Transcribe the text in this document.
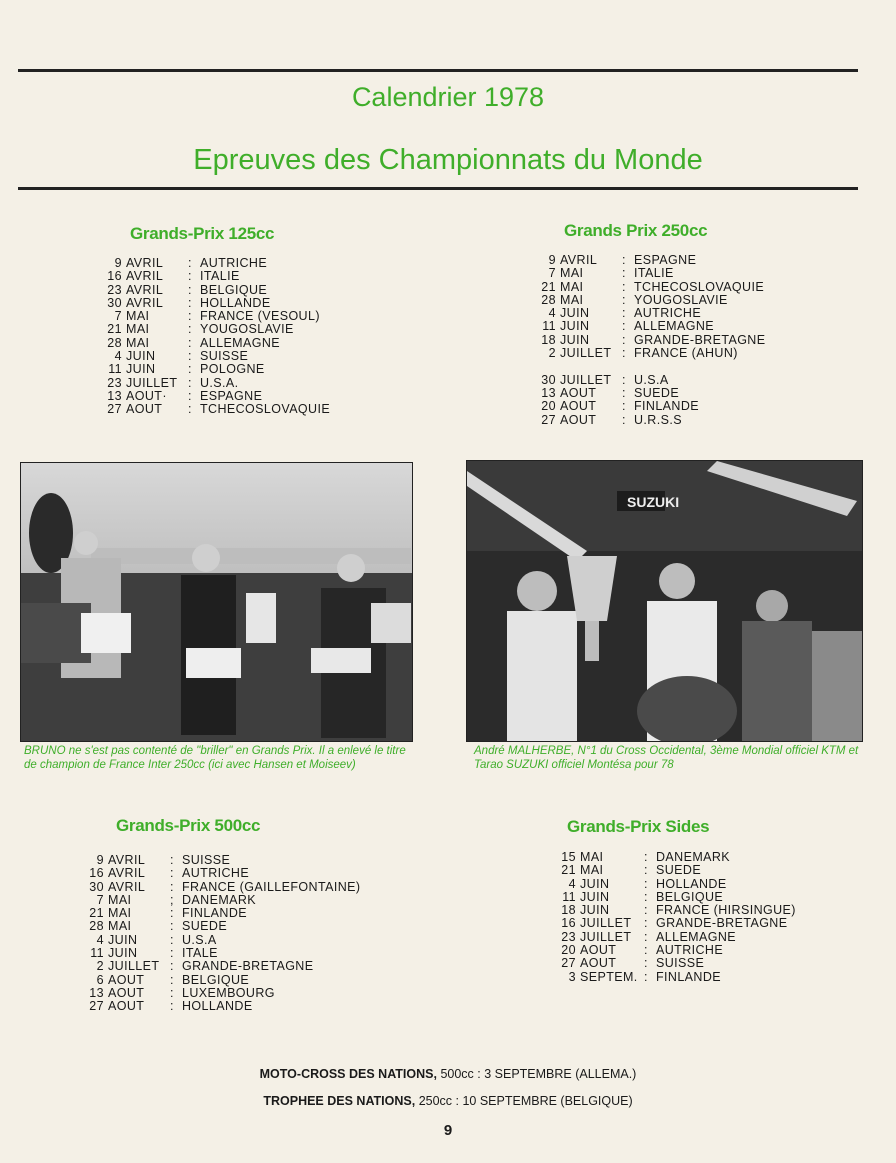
Calendrier 1978
Epreuves des Championnats du Monde
Grands-Prix 125cc
9 AVRIL	: AUTRICHE
16 AVRIL	: ITALIE
23 AVRIL	: BELGIQUE
30 AVRIL	: HOLLANDE
7 MAI	: FRANCE (VESOUL)
21 MAI	: YOUGOSLAVIE
28 MAI	: ALLEMAGNE
4 JUIN	: SUISSE
11 JUIN	: POLOGNE
23 JUILLET : U.S.A.
13 AOUT·	: ESPAGNE
27 AOUT	: TCHECOSLOVAQUIE
Grands Prix 250cc
9 AVRIL	: ESPAGNE
7 MAI	: ITALIE
21 MAI	: TCHECOSLOVAQUIE
28 MAI	: YOUGOSLAVIE
4 JUIN	: AUTRICHE
11 JUIN	: ALLEMAGNE
18 JUIN	: GRANDE-BRETAGNE
2 JUILLET : FRANCE (AHUN)
30 JUILLET : U.S.A
13 AOUT	: SUEDE
20 AOUT	: FINLANDE
27 AOUT	: U.R.S.S
BRUNO ne s'est pas contenté de "briller" en Grands Prix. Il a enlevé le titre de champion de France Inter 250cc (ici avec Hansen et Moiseev)
SUZUKI
André MALHERBE, N°1 du Cross Occidental, 3ème Mondial officiel KTM et Tarao SUZUKI officiel Montésa pour 78
Grands-Prix 500cc
9 AVRIL	: SUISSE
16 AVRIL	: AUTRICHE
30 AVRIL	: FRANCE (GAILLEFONTAINE)
7 MAI	; DANEMARK
21 MAI	: FINLANDE
28 MAI	: SUEDE
4 JUIN	: U.S.A
11 JUIN	: ITALE
2 JUILLET : GRANDE-BRETAGNE
6 AOUT	: BELGIQUE
13 AOUT	: LUXEMBOURG
27 AOUT	: HOLLANDE
Grands-Prix Sides
15 MAI	: DANEMARK
21 MAI	: SUEDE
4 JUIN	: HOLLANDE
11 JUIN	: BELGIQUE
18 JUIN	: FRANCE (HIRSINGUE)
16 JUILLET	: GRANDE-BRETAGNE
23 JUILLET	: ALLEMAGNE
20 AOUT	: AUTRICHE
27 AOUT	: SUISSE
3 SEPTEM. : FINLANDE
MOTO-CROSS DES NATIONS, 500cc : 3 SEPTEMBRE (ALLEMA.)
TROPHEE DES NATIONS, 250cc : 10 SEPTEMBRE (BELGIQUE)
9
